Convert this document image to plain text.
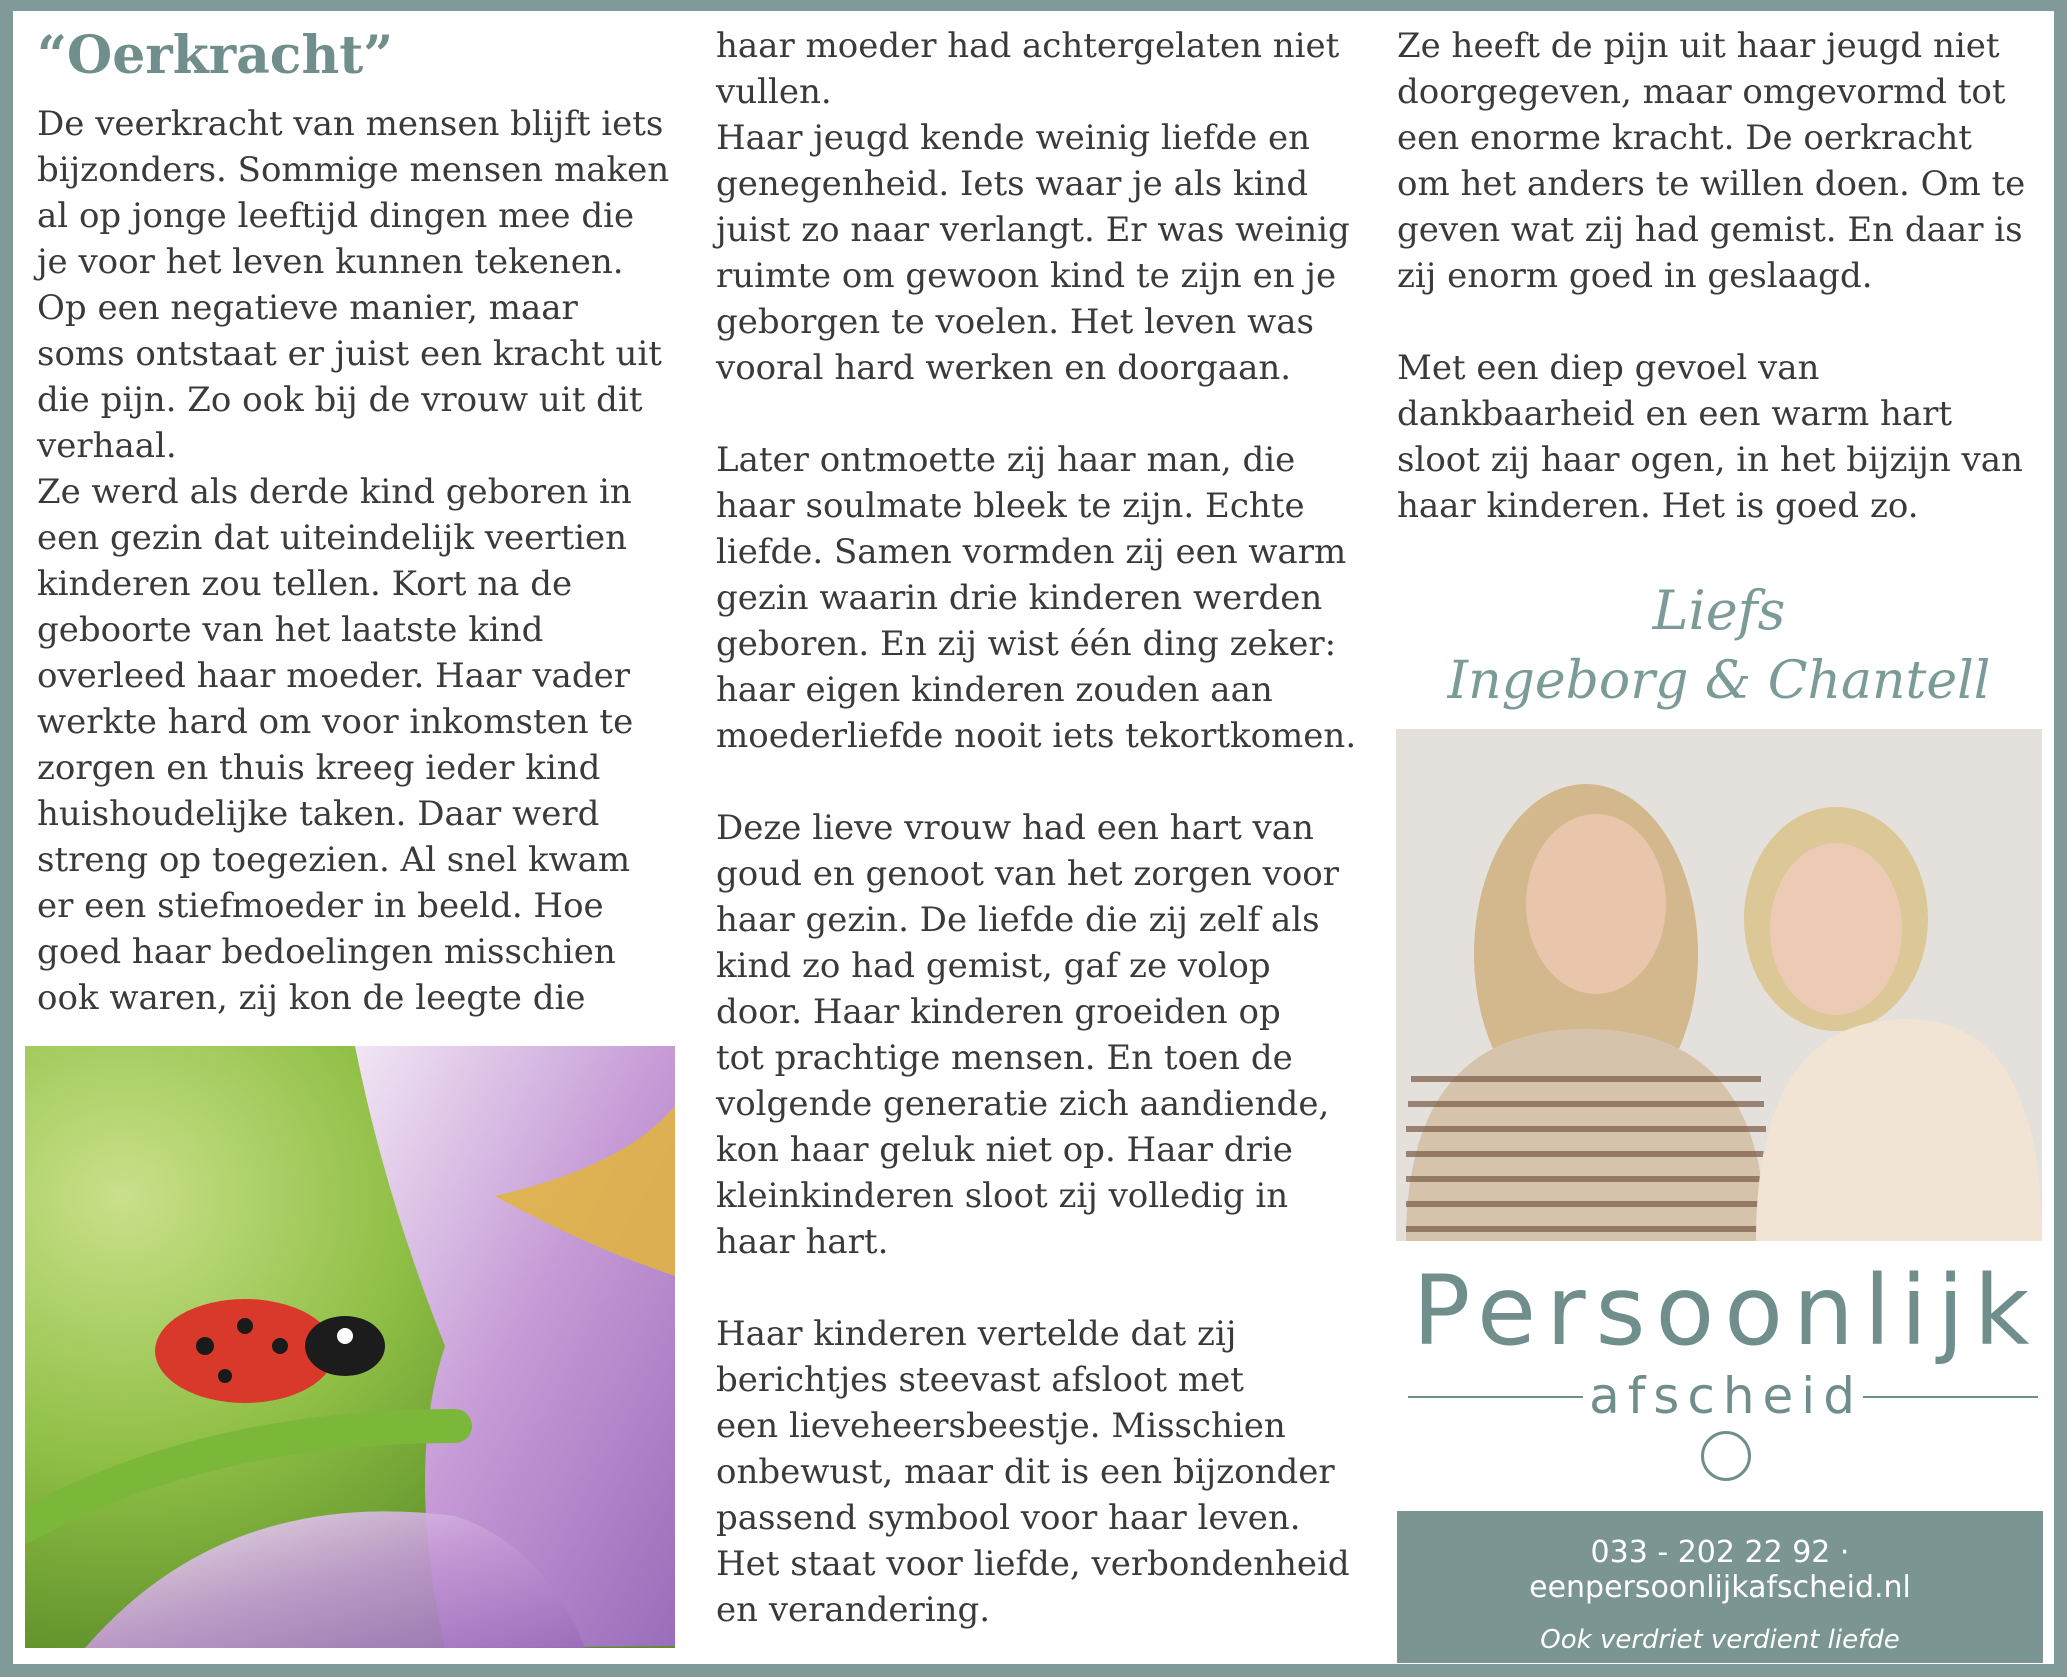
“Oerkracht”

De veerkracht van mensen blijft iets
bijzonders. Sommige mensen maken
al op jonge leeftijd dingen mee die
je voor het leven kunnen tekenen.
Op een negatieve manier, maar
soms ontstaat er juist een kracht uit
die pijn. Zo ook bij de vrouw uit dit
verhaal.
Ze werd als derde kind geboren in
een gezin dat uiteindelijk veertien
kinderen zou tellen. Kort na de
geboorte van het laatste kind
overleed haar moeder. Haar vader
werkte hard om voor inkomsten te
zorgen en thuis kreeg ieder kind
huishoudelijke taken. Daar werd
streng op toegezien. Al snel kwam
er een stiefmoeder in beeld. Hoe
goed haar bedoelingen misschien
ook waren, zij kon de leegte die

haar moeder had achtergelaten niet
vullen.
Haar jeugd kende weinig liefde en
genegenheid. Iets waar je als kind
juist zo naar verlangt. Er was weinig
ruimte om gewoon kind te zijn en je
geborgen te voelen. Het leven was
vooral hard werken en doorgaan.

Later ontmoette zij haar man, die
haar soulmate bleek te zijn. Echte
liefde. Samen vormden zij een warm
gezin waarin drie kinderen werden
geboren. En zij wist één ding zeker:
haar eigen kinderen zouden aan
moederliefde nooit iets tekortkomen.

Deze lieve vrouw had een hart van
goud en genoot van het zorgen voor
haar gezin. De liefde die zij zelf als
kind zo had gemist, gaf ze volop
door. Haar kinderen groeiden op
tot prachtige mensen. En toen de
volgende generatie zich aandiende,
kon haar geluk niet op. Haar drie
kleinkinderen sloot zij volledig in
haar hart.

Haar kinderen vertelde dat zij
berichtjes steevast afsloot met
een lieveheersbeestje. Misschien
onbewust, maar dit is een bijzonder
passend symbool voor haar leven.
Het staat voor liefde, verbondenheid
en verandering.

Ze heeft de pijn uit haar jeugd niet
doorgegeven, maar omgevormd tot
een enorme kracht. De oerkracht
om het anders te willen doen. Om te
geven wat zij had gemist. En daar is
zij enorm goed in geslaagd.

Met een diep gevoel van
dankbaarheid en een warm hart
sloot zij haar ogen, in het bijzijn van
haar kinderen. Het is goed zo.

Liefs
Ingeborg & Chantell
Persoonlijk
afscheid
033 - 202 22 92 · eenpersoonlijkafscheid.nl
Ook verdriet verdient liefde
